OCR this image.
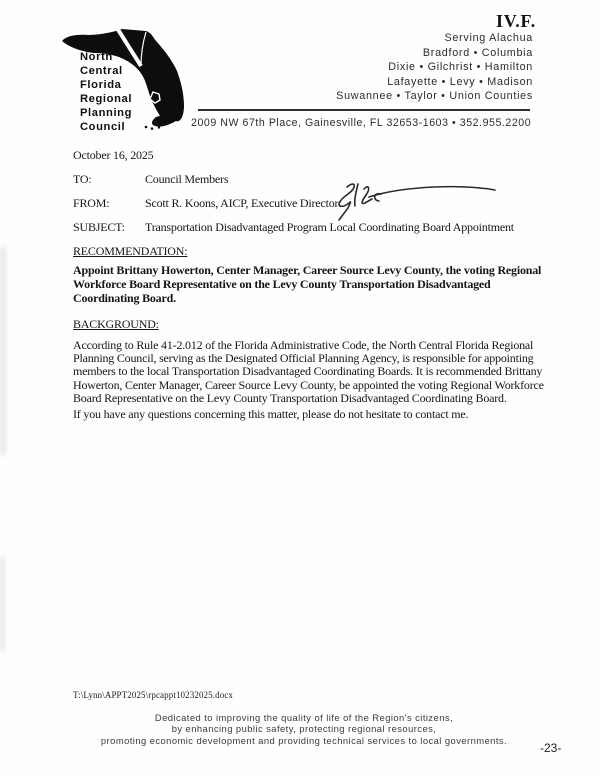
IV.F.
North
Central
Florida
Regional
Planning
Council
Serving Alachua
Bradford • Columbia
Dixie • Gilchrist • Hamilton
Lafayette • Levy • Madison
Suwannee • Taylor • Union Counties
2009 NW 67th Place, Gainesville, FL 32653-1603 • 352.955.2200
October 16, 2025
TO:	Council Members
FROM:	Scott R. Koons, AICP, Executive Director
SUBJECT: Transportation Disadvantaged Program Local Coordinating Board Appointment
RECOMMENDATION:
Appoint Brittany Howerton, Center Manager, Career Source Levy County, the voting Regional Workforce Board Representative on the Levy County Transportation Disadvantaged Coordinating Board.
BACKGROUND:
According to Rule 41-2.012 of the Florida Administrative Code, the North Central Florida Regional Planning Council, serving as the Designated Official Planning Agency, is responsible for appointing members to the local Transportation Disadvantaged Coordinating Boards. It is recommended Brittany Howerton, Center Manager, Career Source Levy County, be appointed the voting Regional Workforce Board Representative on the Levy County Transportation Disadvantaged Coordinating Board.
If you have any questions concerning this matter, please do not hesitate to contact me.
T:\Lynn\APPT2025\rpcappt10232025.docx
Dedicated to improving the quality of life of the Region's citizens,
by enhancing public safety, protecting regional resources,
promoting economic development and providing technical services to local governments.
-23-
